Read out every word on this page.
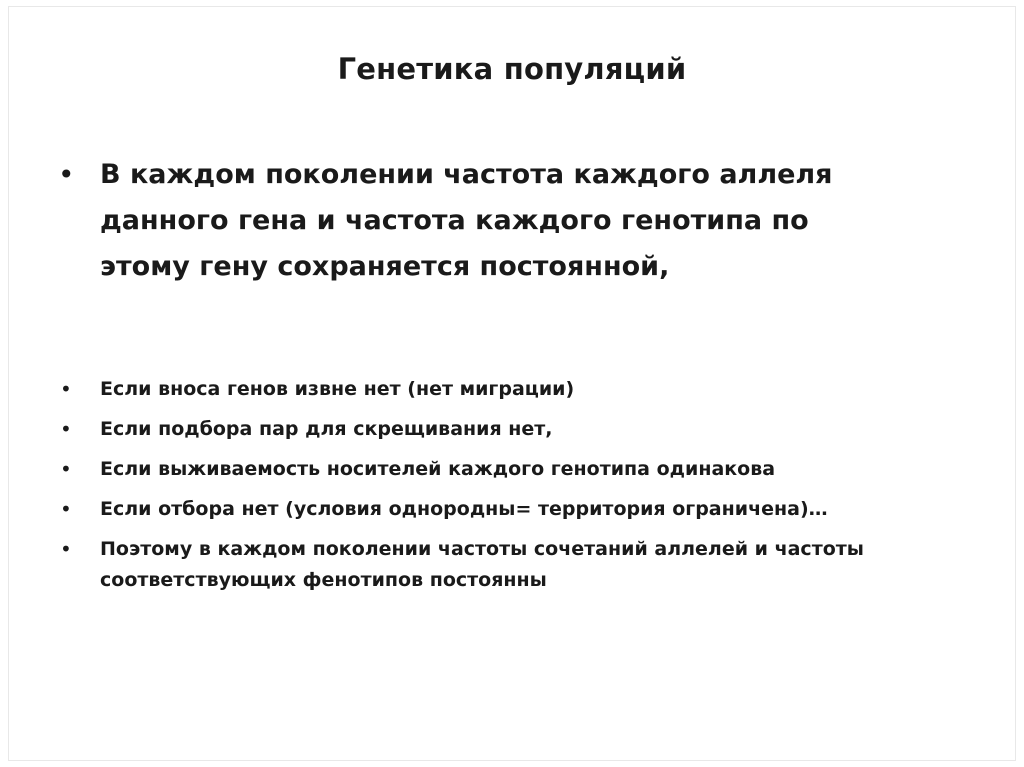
Генетика популяций
• В каждом поколении частота каждого аллеля
данного гена и частота каждого генотипа по
этому гену сохраняется постоянной,
• Если вноса генов извне нет (нет миграции)
• Если подбора пар для скрещивания нет,
• Если выживаемость носителей каждого генотипа одинакова
• Если отбора нет (условия однородны= территория ограничена)…
• Поэтому в каждом поколении частоты сочетаний аллелей и частоты
соответствующих фенотипов постоянны
